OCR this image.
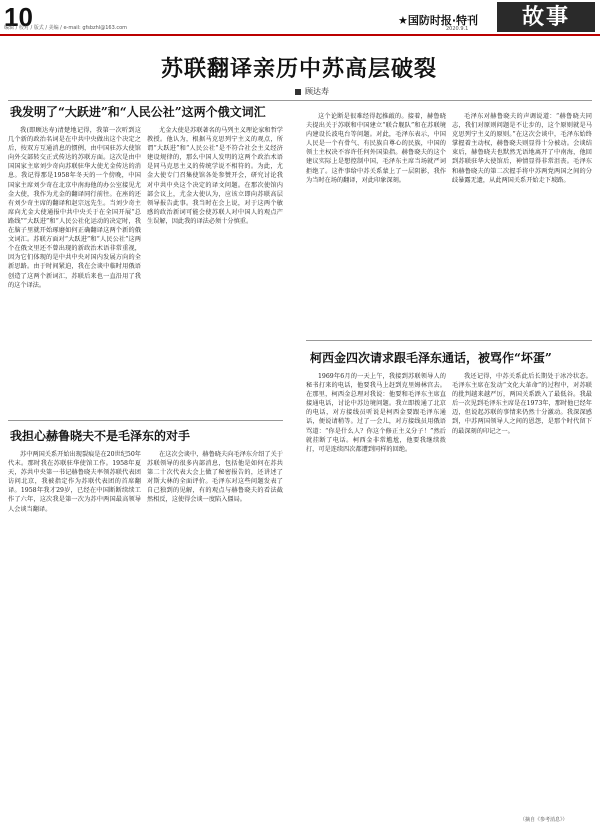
10
编辑 / 校对 / 版式 / 美编 / e-mail: gfsbzhl@163.com
★国防时报·特刊
2020.9.1	故事
苏联翻译亲历中苏高层破裂
顾达寿
我发明了“大跃进”和“人民公社”这两个俄文词汇
我(即顾达寿)清楚地记得，我第一次听到这几个新的政治名词是在中共中央做出这个决定之后，按双方互通消息的惯例，由中国驻苏大使馆向外交部转交正式传达的苏联方面。这次是由中国国家主席刘少奇向苏联驻华大使尤金传达的消息。我记得那是1958年冬天的一个傍晚，中国国家主席刘少奇在北京中南海他的办公室接见尤金大使，我作为尤金的翻译同行前往。在座的还有刘少奇主席的翻译和赵宗远先生。当刘少奇主席向尤金大使通报中共中央关于在全国开展“总路线”“大跃进”和“人民公社化运动的决定时，我在脑子里就开始琢磨如何正确翻译这两个新的俄文词汇。苏联方面对“大跃进”和“人民公社”这两个在俄文里还不曾出现的新政治术语非常重视，因为它们体现的是中共中央对国内发展方向的全新思路。由于时间紧迫，我在会谈中临时用俄语创造了这两个新词汇，苏联后来也一直沿用了我的这个译法。
尤金大使是苏联著名的马列主义理论家和哲学教授。他认为，根据马克思列宁主义的观点，所谓“大跃进”和“人民公社”是不符合社会主义经济建设规律的，那么中国人发明的这两个政治术语是同马克思主义的传统学说不相符的。为此，尤金大使专门召集使馆各处参赞开会，研究讨论我对中共中央这个决定的译文问题。在那次使馆内部会议上，尤金大使认为，应该立即向苏联高层领导报告此事。我当时在会上说，对于这两个敏感的政治新词可能会使苏联人对中国人的观点产生误解，因此我的译法必须十分慎重。
这个论断是很难经得起推敲的。接着，赫鲁晓夫提出关于苏联和中国建立“联合舰队”和在苏联境内建设长波电台等问题。对此，毛泽东表示，中国人民是一个有骨气、有民族自尊心的民族，中国的领土主权决不容许任何外国染指。赫鲁晓夫的这个建议实际上是想控制中国，毛泽东主席当场就严词拒绝了。这件事给中苏关系蒙上了一层阴影，我作为当时在场的翻译，对此印象深刻。
毛泽东对赫鲁晓夫的声调说道：“赫鲁晓夫同志，我们对原则问题是不让步的，这个原则就是马克思列宁主义的原则。”在这次会谈中，毛泽东始终掌握着主动权，赫鲁晓夫则显得十分被动。会谈结束后，赫鲁晓夫也默然无语地离开了中南海，他回到苏联驻华大使馆后，神情显得非常沮丧。毛泽东和赫鲁晓夫的第二次握手将中苏两党两国之间的分歧暴露无遗，从此两国关系开始走下坡路。
柯西金四次请求跟毛泽东通话，被骂作“坏蛋”
1969年6月的一天上午，我接到苏联领导人的秘书打来的电话，他要我马上赶到克里姆林宫去。在那里，柯西金总理对我说：他要和毛泽东主席直接通电话，讨论中苏边境问题。我立即拨通了北京的电话，对方接线员听说是柯西金要跟毛泽东通话，便说请稍等。过了一会儿，对方接线员用俄语骂道：“你是什么人？你这个修正主义分子！”然后就挂断了电话。柯西金非常尴尬，他要我继续拨打，可是连续四次都遭到同样的回绝。
我还记得，中苏关系此后长期处于冰冷状态。毛泽东主席在发动“文化大革命”的过程中，对苏联的批判越来越严厉，两国关系跌入了最低谷。我最后一次见到毛泽东主席是在1973年，那时他已经年迈，但说起苏联的事情来仍然十分激动。我深深感到，中苏两国领导人之间的恩怨，是那个时代留下的最深刻的印记之一。
我担心赫鲁晓夫不是毛泽东的对手
苏中两国关系开始出现裂痕是在20世纪50年代末。那时我在苏联驻华使馆工作。1958年夏天，苏共中央第一书记赫鲁晓夫率领苏联代表团访问北京，我被指定作为苏联代表团的首席翻译。1958年我才29岁，已经在中国断断续续工作了六年，这次我是第一次为苏中两国最高领导人会谈当翻译。
在这次会谈中，赫鲁晓夫向毛泽东介绍了关于苏联领导的很多内部消息，包括他是如何在苏共第二十次代表大会上做了秘密报告的，还讲述了对斯大林的全面评价。毛泽东对这些问题发表了自己独到的见解，有的观点与赫鲁晓夫的看法截然相反，这使得会谈一度陷入僵局。
（摘自《参考消息》）
